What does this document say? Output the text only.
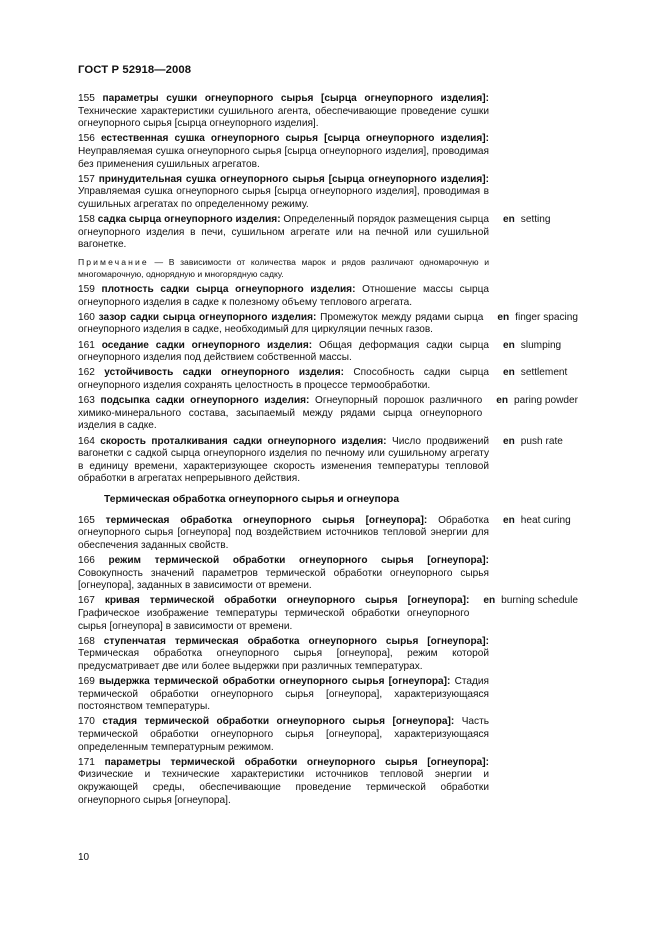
ГОСТ Р 52918—2008
155 параметры сушки огнеупорного сырья [сырца огнеупорного изделия]: Технические характеристики сушильного агента, обеспечивающие проведение сушки огнеупорного сырья [сырца огнеупорного изделия].
156 естественная сушка огнеупорного сырья [сырца огнеупорного изделия]: Неуправляемая сушка огнеупорного сырья [сырца огнеупорного изделия], проводимая без применения сушильных агрегатов.
157 принудительная сушка огнеупорного сырья [сырца огнеупорного изделия]: Управляемая сушка огнеупорного сырья [сырца огнеупорного изделия], проводимая в сушильных агрегатах по определенному режиму.
158 садка сырца огнеупорного изделия: Определенный порядок размещения сырца огнеупорного изделия в печи, сушильном агрегате или на печной или сушильной вагонетке.
en setting
Примечание — В зависимости от количества марок и рядов различают одномарочную и многомарочную, однорядную и многорядную садку.
159 плотность садки сырца огнеупорного изделия: Отношение массы сырца огнеупорного изделия в садке к полезному объему теплового агрегата.
160 зазор садки сырца огнеупорного изделия: Промежуток между рядами сырца огнеупорного изделия в садке, необходимый для циркуляции печных газов.
en finger spacing
161 оседание садки огнеупорного изделия: Общая деформация садки сырца огнеупорного изделия под действием собственной массы.
en slumping
162 устойчивость садки огнеупорного изделия: Способность садки сырца огнеупорного изделия сохранять целостность в процессе термообработки.
en settlement
163 подсыпка садки огнеупорного изделия: Огнеупорный порошок различного химико-минерального состава, засыпаемый между рядами сырца огнеупорного изделия в садке.
en paring powder
164 скорость проталкивания садки огнеупорного изделия: Число продвижений вагонетки с садкой сырца огнеупорного изделия по печному или сушильному агрегату в единицу времени, характеризующее скорость изменения температуры тепловой обработки в агрегатах непрерывного действия.
en push rate
Термическая обработка огнеупорного сырья и огнеупора
165 термическая обработка огнеупорного сырья [огнеупора]: Обработка огнеупорного сырья [огнеупора] под воздействием источников тепловой энергии для обеспечения заданных свойств.
en heat curing
166 режим термической обработки огнеупорного сырья [огнеупора]: Совокупность значений параметров термической обработки огнеупорного сырья [огнеупора], заданных в зависимости от времени.
167 кривая термической обработки огнеупорного сырья [огнеупора]: Графическое изображение температуры термической обработки огнеупорного сырья [огнеупора] в зависимости от времени.
en burning schedule
168 ступенчатая термическая обработка огнеупорного сырья [огнеупора]: Термическая обработка огнеупорного сырья [огнеупора], режим которой предусматривает две или более выдержки при различных температурах.
169 выдержка термической обработки огнеупорного сырья [огнеупора]: Стадия термической обработки огнеупорного сырья [огнеупора], характеризующаяся постоянством температуры.
170 стадия термической обработки огнеупорного сырья [огнеупора]: Часть термической обработки огнеупорного сырья [огнеупора], характеризующаяся определенным температурным режимом.
171 параметры термической обработки огнеупорного сырья [огнеупора]: Физические и технические характеристики источников тепловой энергии и окружающей среды, обеспечивающие проведение термической обработки огнеупорного сырья [огнеупора].
10
